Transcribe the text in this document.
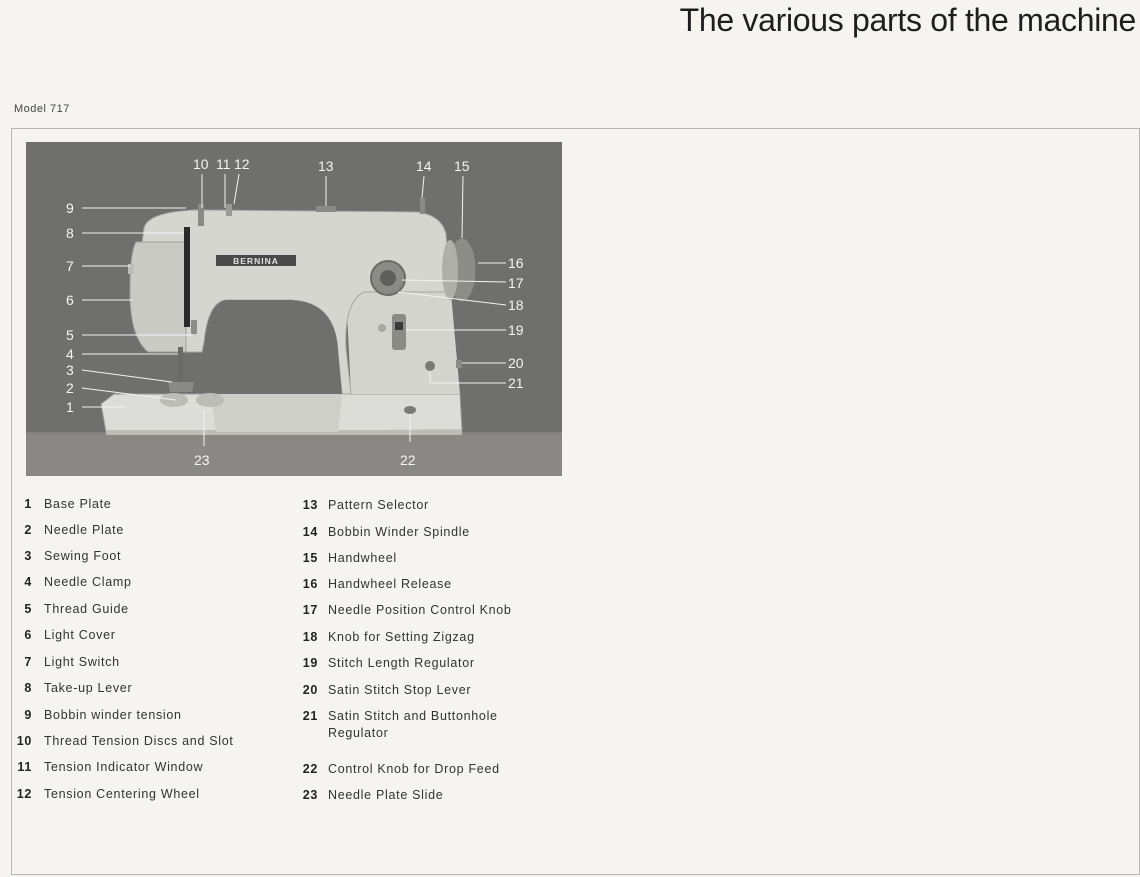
The various parts of the machine
Model 717
BERNINA
9
8
7
6
5
4
3
2
1
10 11 12	13	14 15
16
17
18
19
20
21
22
23
1 Base Plate
2 Needle Plate
3 Sewing Foot
4 Needle Clamp
5 Thread Guide
6 Light Cover
7 Light Switch
8 Take-up Lever
9 Bobbin winder tension
10 Thread Tension Discs and Slot
11 Tension Indicator Window
12 Tension Centering Wheel
13 Pattern Selector
14 Bobbin Winder Spindle
15 Handwheel
16 Handwheel Release
17 Needle Position Control Knob
18 Knob for Setting Zigzag
19 Stitch Length Regulator
20 Satin Stitch Stop Lever
21 Satin Stitch and Buttonhole Regulator
22 Control Knob for Drop Feed
23 Needle Plate Slide
